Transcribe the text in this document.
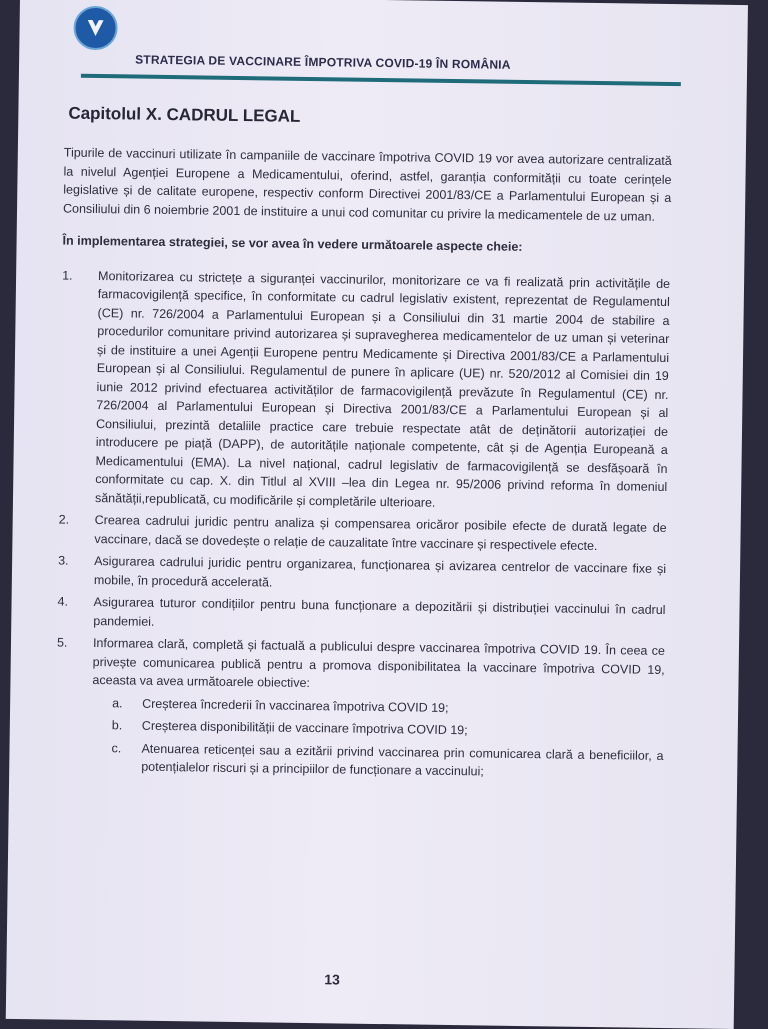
STRATEGIA DE VACCINARE ÎMPOTRIVA COVID-19 ÎN ROMÂNIA
Capitolul X. CADRUL LEGAL

Tipurile de vaccinuri utilizate în campaniile de vaccinare împotriva COVID 19 vor avea autorizare centralizată la nivelul Agenției Europene a Medicamentului, oferind, astfel, garanția conformității cu toate cerințele legislative și de calitate europene, respectiv conform Directivei 2001/83/CE a Parlamentului European și a Consiliului din 6 noiembrie 2001 de instituire a unui cod comunitar cu privire la medicamentele de uz uman.

În implementarea strategiei, se vor avea în vedere următoarele aspecte cheie:

1. Monitorizarea cu strictețe a siguranței vaccinurilor, monitorizare ce va fi realizată prin activitățile de farmacovigilență specifice, în conformitate cu cadrul legislativ existent, reprezentat de Regulamentul (CE) nr. 726/2004 a Parlamentului European și a Consiliului din 31 martie 2004 de stabilire a procedurilor comunitare privind autorizarea și supravegherea medicamentelor de uz uman și veterinar și de instituire a unei Agenții Europene pentru Medicamente și Directiva 2001/83/CE a Parlamentului European și al Consiliului. Regulamentul de punere în aplicare (UE) nr. 520/2012 al Comisiei din 19 iunie 2012 privind efectuarea activităților de farmacovigilență prevăzute în Regulamentul (CE) nr. 726/2004 al Parlamentului European și Directiva 2001/83/CE a Parlamentului European și al Consiliului, prezintă detaliile practice care trebuie respectate atât de deținătorii autorizației de introducere pe piață (DAPP), de autoritățile naționale competente, cât și de Agenția Europeană a Medicamentului (EMA). La nivel național, cadrul legislativ de farmacovigilență se desfășoară în conformitate cu cap. X. din Titlul al XVIII –lea din Legea nr. 95/2006 privind reforma în domeniul sănătății,republicată, cu modificările și completările ulterioare.
2. Crearea cadrului juridic pentru analiza și compensarea oricăror posibile efecte de durată legate de vaccinare, dacă se dovedește o relație de cauzalitate între vaccinare și respectivele efecte.
3. Asigurarea cadrului juridic pentru organizarea, funcționarea și avizarea centrelor de vaccinare fixe și mobile, în procedură accelerată.
4. Asigurarea tuturor condițiilor pentru buna funcționare a depozitării și distribuției vaccinului în cadrul pandemiei.
5. Informarea clară, completă și factuală a publicului despre vaccinarea împotriva COVID 19. În ceea ce privește comunicarea publică pentru a promova disponibilitatea la vaccinare împotriva COVID 19, aceasta va avea următoarele obiective:
a. Creșterea încrederii în vaccinarea împotriva COVID 19;
b. Creșterea disponibilității de vaccinare împotriva COVID 19;
c. Atenuarea reticenței sau a ezitării privind vaccinarea prin comunicarea clară a beneficiilor, a potențialelor riscuri și a principiilor de funcționare a vaccinului;
13
